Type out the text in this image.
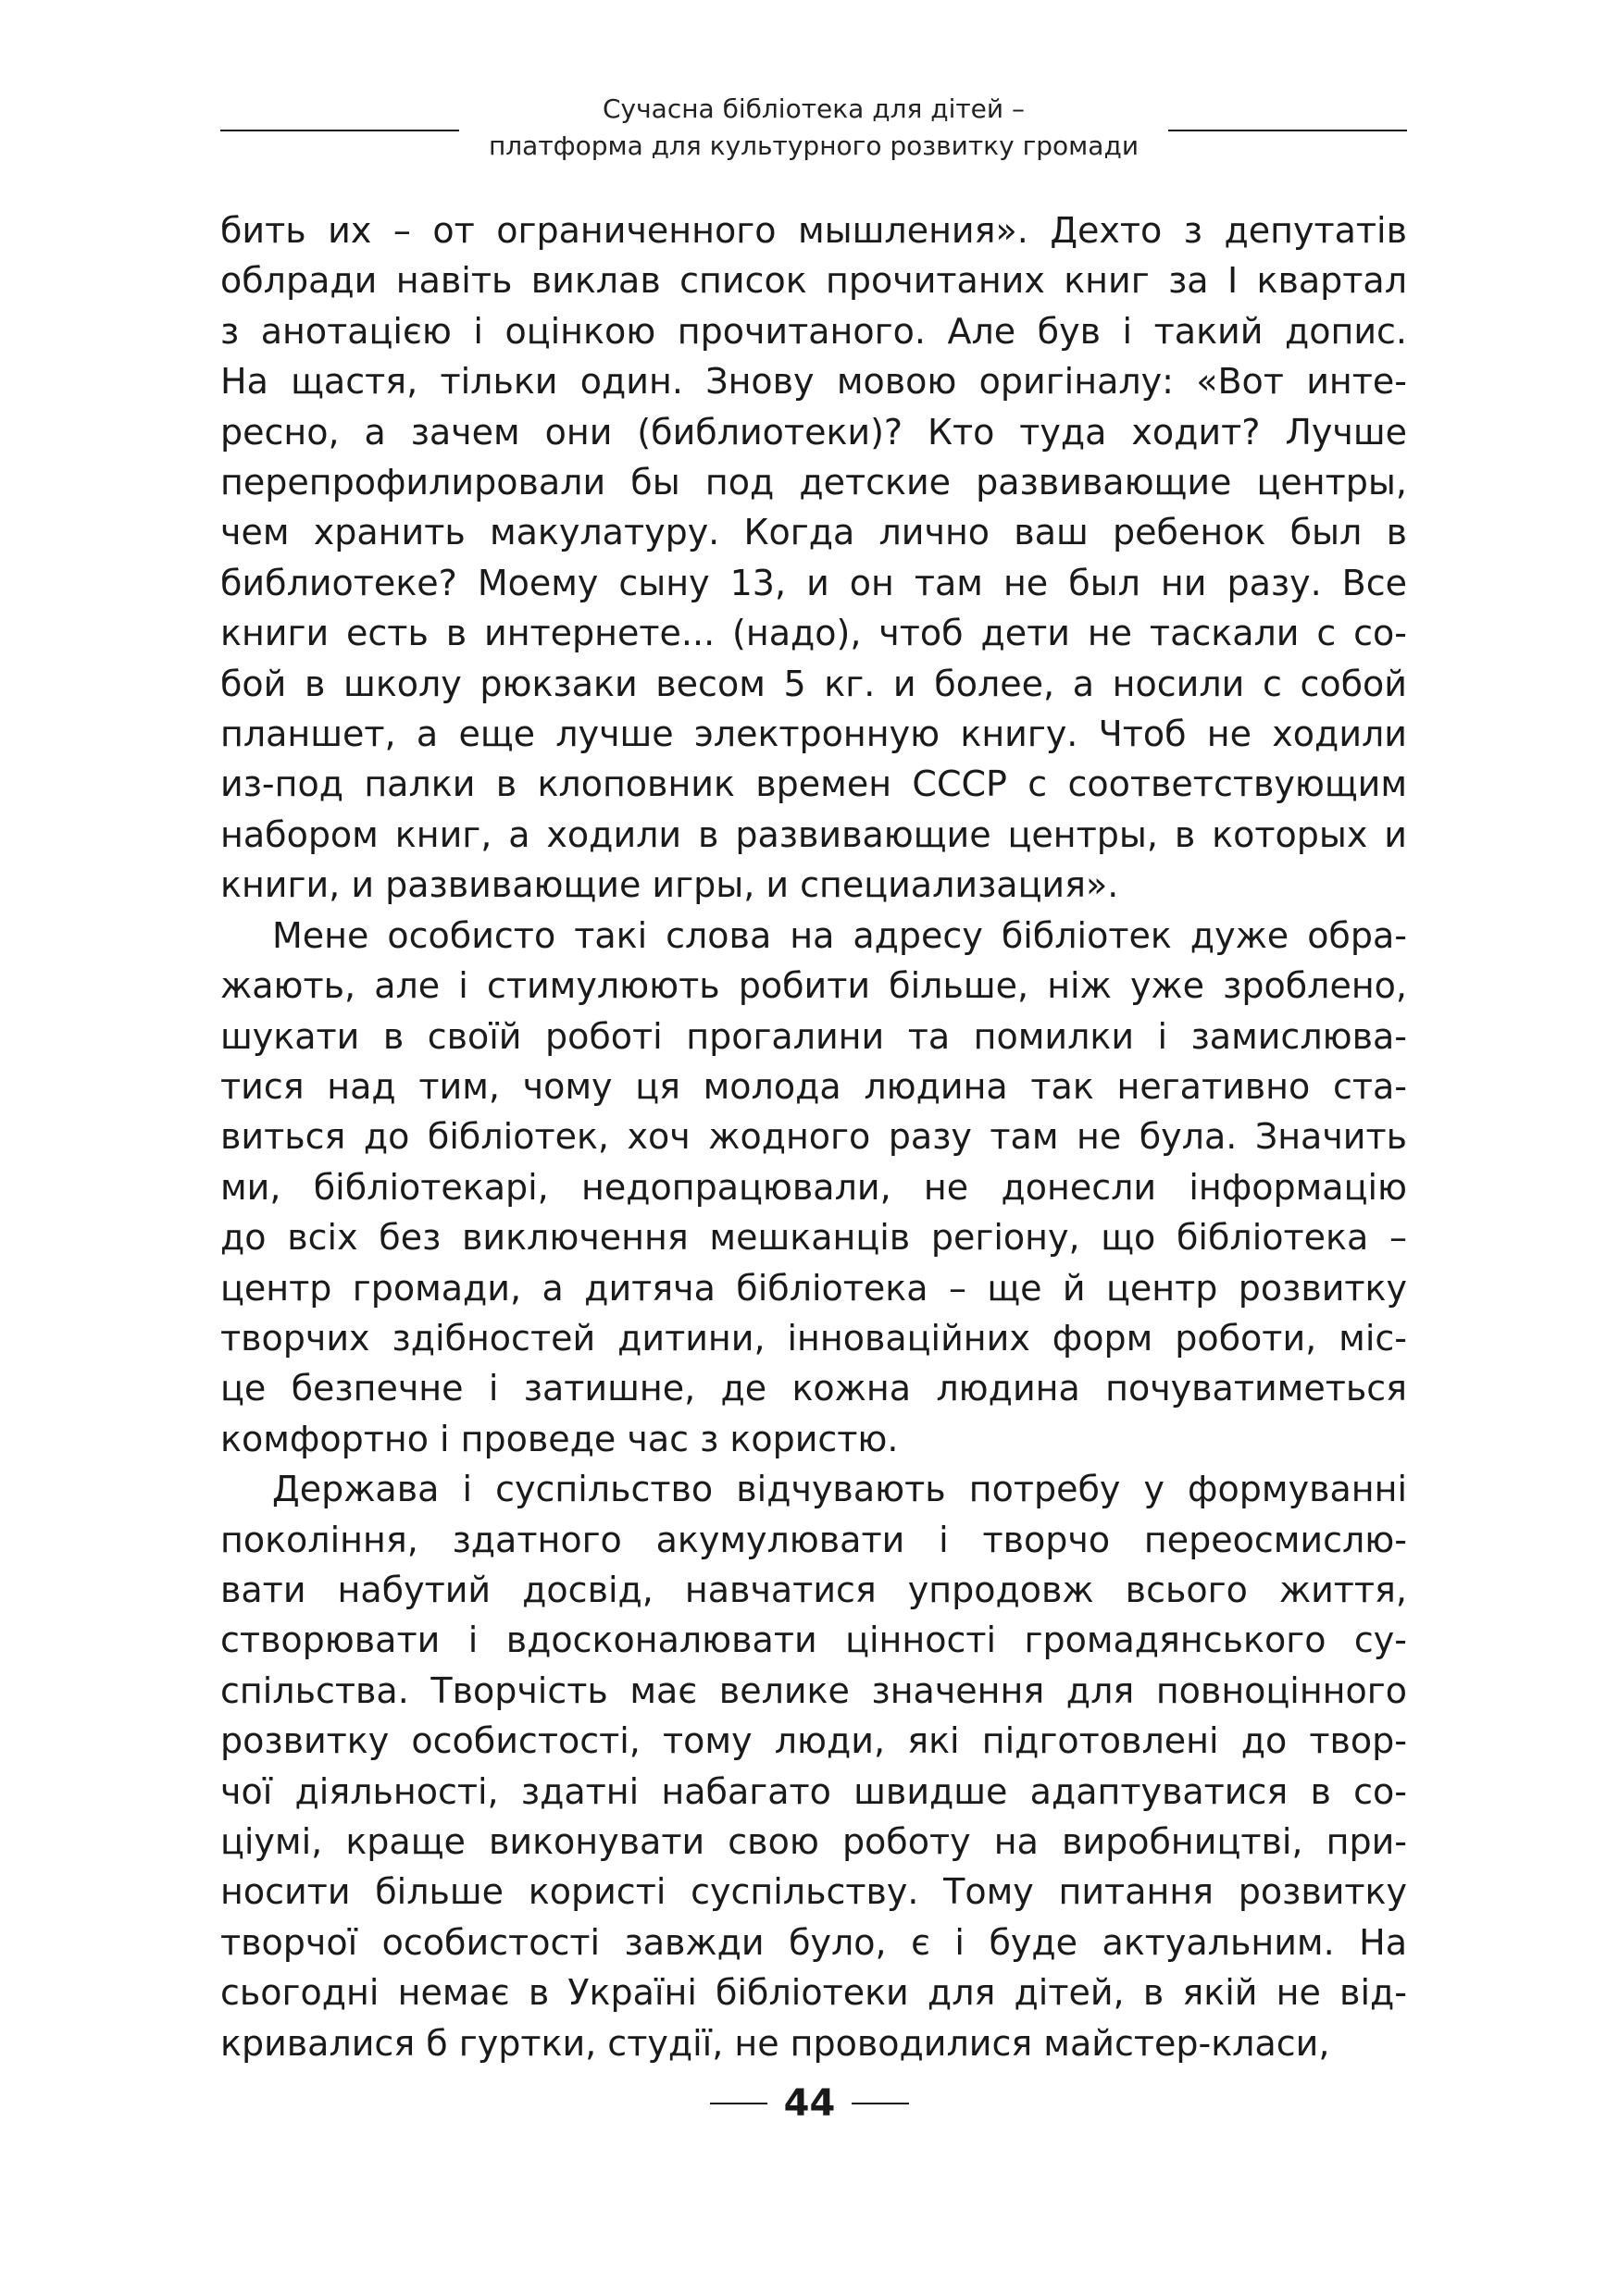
Сучасна бібліотека для дітей –
платформа для культурного розвитку громади

бить их – от ограниченного мышления». Дехто з депутатів
облради навіть виклав список прочитаних книг за І квартал
з анотацією і оцінкою прочитаного. Але був і такий допис.
На щастя, тільки один. Знову мовою оригіналу: «Вот инте-
ресно, а зачем они (библиотеки)? Кто туда ходит? Лучше
перепрофилировали бы под детские развивающие центры,
чем хранить макулатуру. Когда лично ваш ребенок был в
библиотеке? Моему сыну 13, и он там не был ни разу. Все
книги есть в интернете... (надо), чтоб дети не таскали с со-
бой в школу рюкзаки весом 5 кг. и более, а носили с собой
планшет, а еще лучше электронную книгу. Чтоб не ходили
из-под палки в клоповник времен СССР с соответствующим
набором книг, а ходили в развивающие центры, в которых и
книги, и развивающие игры, и специализация».

Мене особисто такі слова на адресу бібліотек дуже обра-
жають, але і стимулюють робити більше, ніж уже зроблено,
шукати в своїй роботі прогалини та помилки і замислюва-
тися над тим, чому ця молода людина так негативно ста-
виться до бібліотек, хоч жодного разу там не була. Значить
ми, бібліотекарі, недопрацювали, не донесли інформацію
до всіх без виключення мешканців регіону, що бібліотека –
центр громади, а дитяча бібліотека – ще й центр розвитку
творчих здібностей дитини, інноваційних форм роботи, міс-
це безпечне і затишне, де кожна людина почуватиметься
комфортно і проведе час з користю.

Держава і суспільство відчувають потребу у формуванні
покоління, здатного акумулювати і творчо переосмислю-
вати набутий досвід, навчатися упродовж всього життя,
створювати і вдосконалювати цінності громадянського су-
спільства. Творчість має велике значення для повноцінного
розвитку особистості, тому люди, які підготовлені до твор-
чої діяльності, здатні набагато швидше адаптуватися в со-
ціумі, краще виконувати свою роботу на виробництві, при-
носити більше користі суспільству. Тому питання розвитку
творчої особистості завжди було, є і буде актуальним. На
сьогодні немає в Україні бібліотеки для дітей, в якій не від-
кривалися б гуртки, студії, не проводилися майстер-класи,

44
